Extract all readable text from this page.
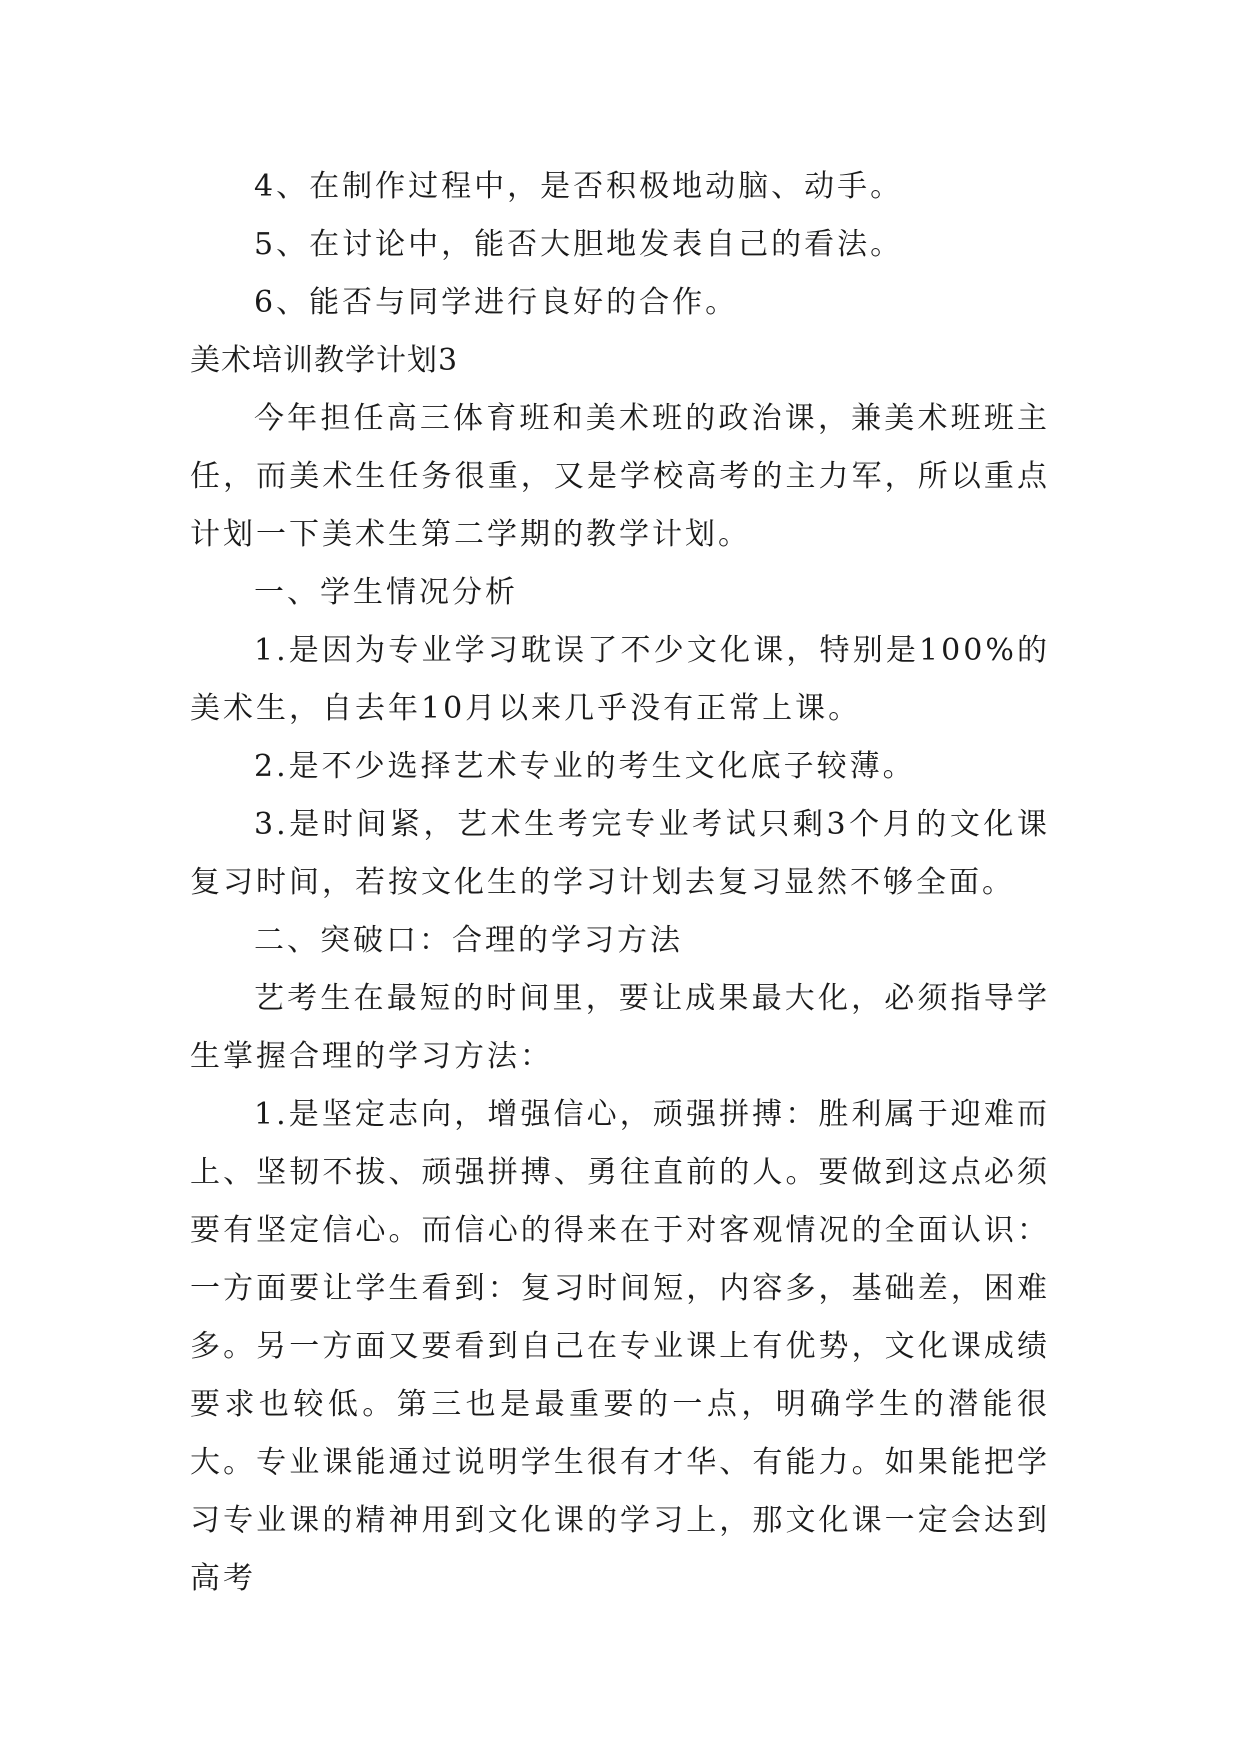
4、在制作过程中，是否积极地动脑、动手。

5、在讨论中，能否大胆地发表自己的看法。

6、能否与同学进行良好的合作。

美术培训教学计划3

今年担任高三体育班和美术班的政治课，兼美术班班主任，而美术生任务很重，又是学校高考的主力军，所以重点计划一下美术生第二学期的教学计划。

一、学生情况分析

1.是因为专业学习耽误了不少文化课，特别是100%的美术生，自去年10月以来几乎没有正常上课。

2.是不少选择艺术专业的考生文化底子较薄。

3.是时间紧，艺术生考完专业考试只剩3个月的文化课复习时间，若按文化生的学习计划去复习显然不够全面。

二、突破口：合理的学习方法

艺考生在最短的时间里，要让成果最大化，必须指导学生掌握合理的学习方法：

1.是坚定志向，增强信心，顽强拼搏：胜利属于迎难而上、坚韧不拔、顽强拼搏、勇往直前的人。要做到这点必须要有坚定信心。而信心的得来在于对客观情况的全面认识：一方面要让学生看到：复习时间短，内容多，基础差，困难多。另一方面又要看到自己在专业课上有优势，文化课成绩要求也较低。第三也是最重要的一点，明确学生的潜能很大。专业课能通过说明学生很有才华、有能力。如果能把学习专业课的精神用到文化课的学习上，那文化课一定会达到高考
